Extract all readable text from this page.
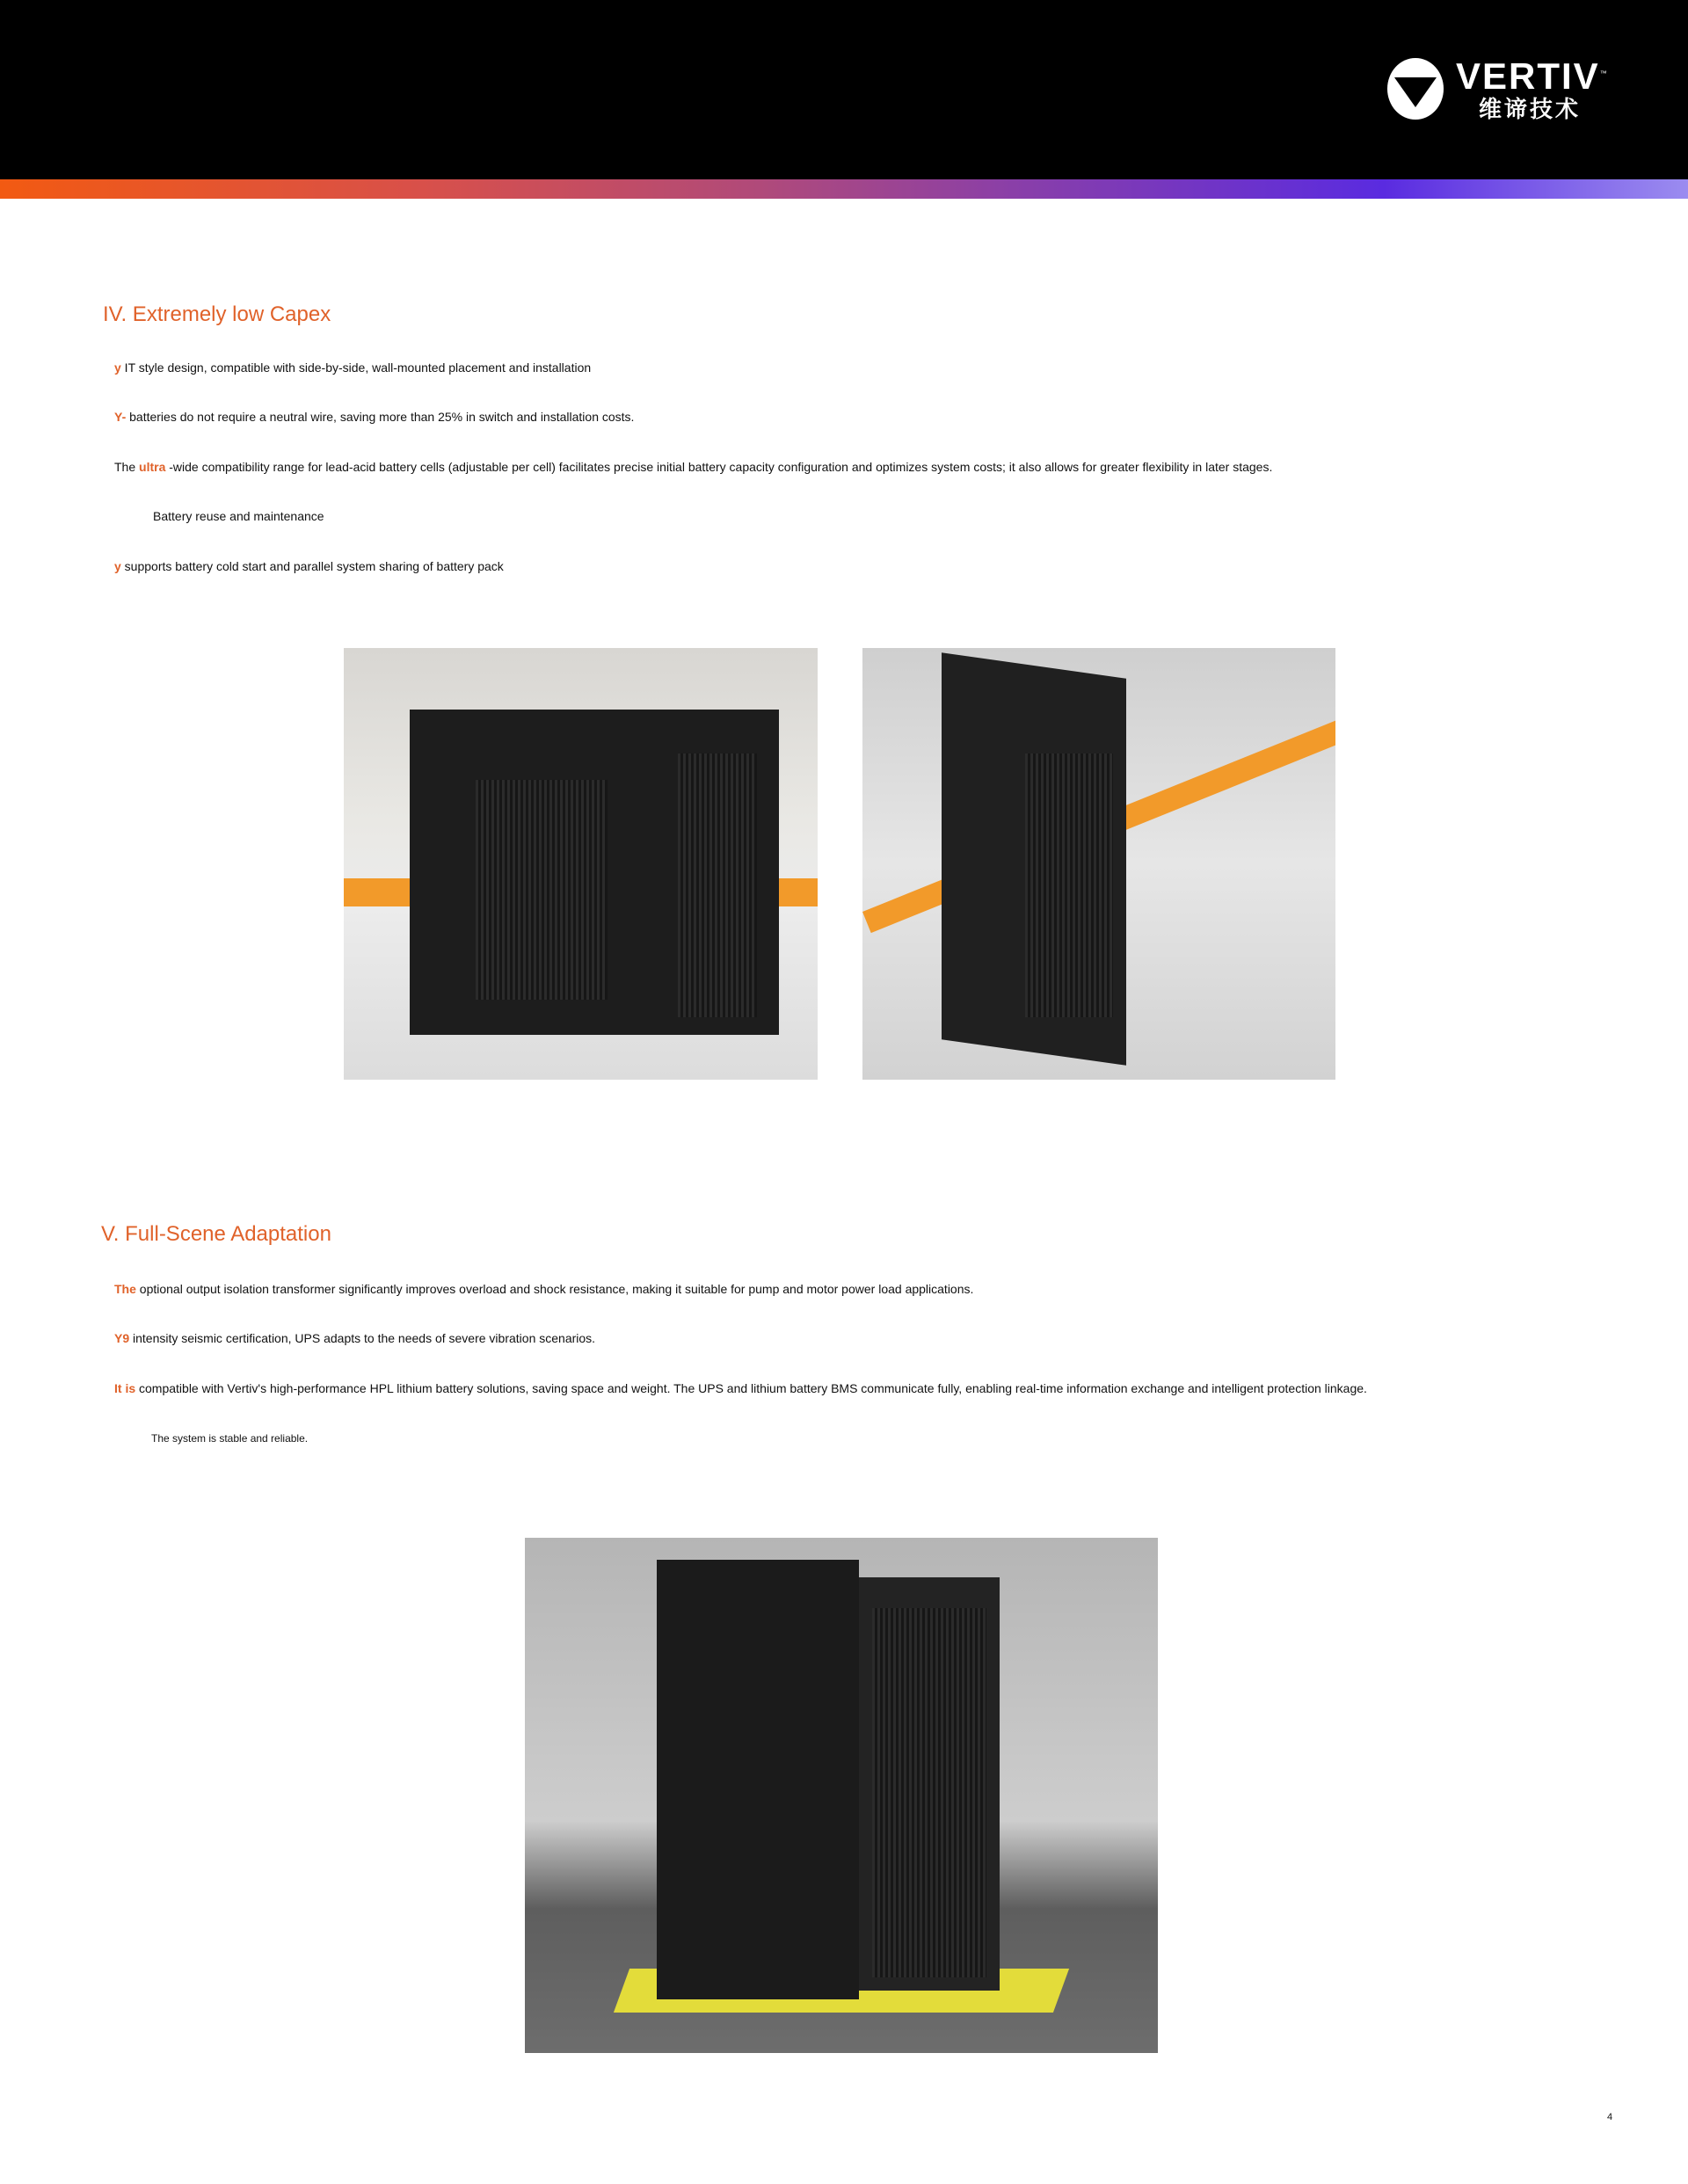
VERTIV™
维谛技术
IV. Extremely low Capex
y IT style design, compatible with side-by-side, wall-mounted placement and installation
Y- batteries do not require a neutral wire, saving more than 25% in switch and installation costs.
The ultra -wide compatibility range for lead-acid battery cells (adjustable per cell) facilitates precise initial battery capacity configuration and optimizes system costs; it also allows for greater flexibility in later stages.
Battery reuse and maintenance
y supports battery cold start and parallel system sharing of battery pack
V. Full-Scene Adaptation
The optional output isolation transformer significantly improves overload and shock resistance, making it suitable for pump and motor power load applications.
Y9 intensity seismic certification, UPS adapts to the needs of severe vibration scenarios.
It is compatible with Vertiv's high-performance HPL lithium battery solutions, saving space and weight. The UPS and lithium battery BMS communicate fully, enabling real-time information exchange and intelligent protection linkage.
The system is stable and reliable.
4
